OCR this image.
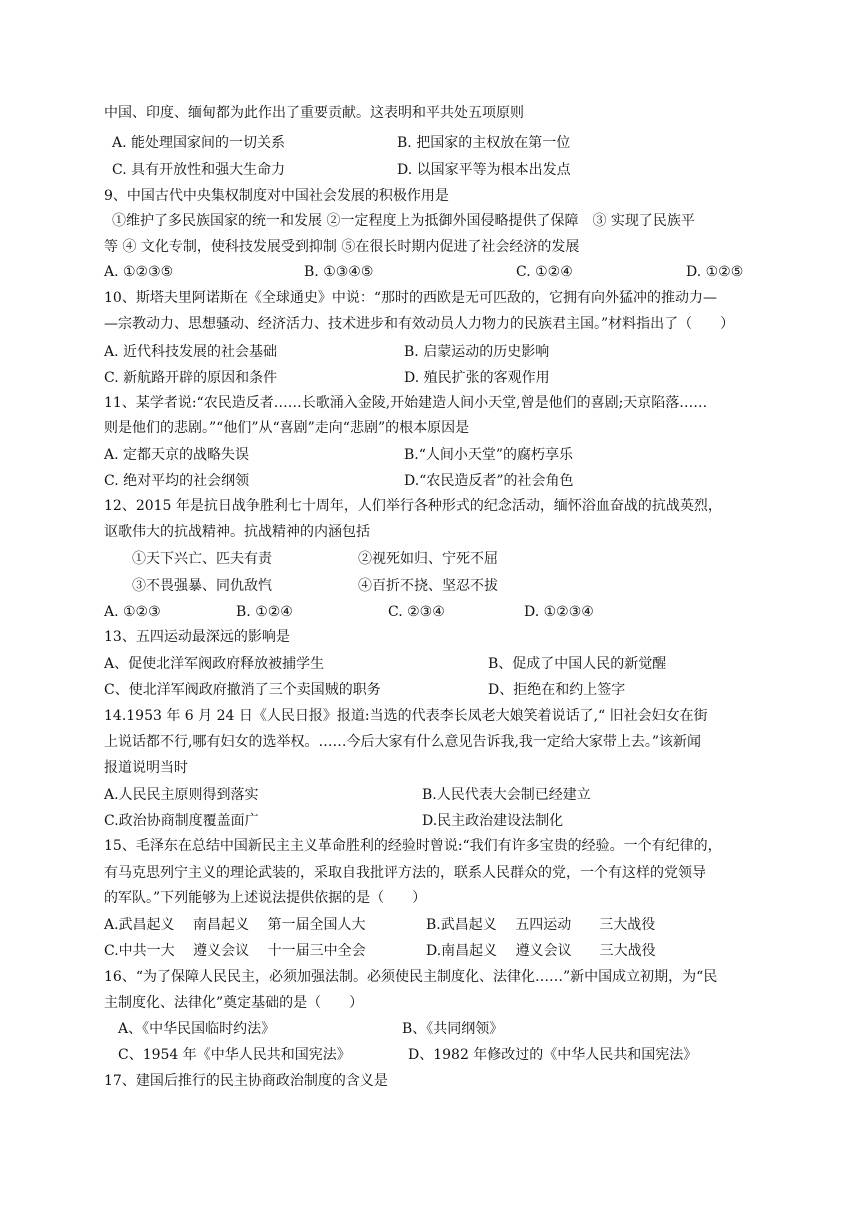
中国、印度、缅甸都为此作出了重要贡献。这表明和平共处五项原则
A. 能处理国家间的一切关系	B. 把国家的主权放在第一位
C. 具有开放性和强大生命力	D. 以国家平等为根本出发点
9、中国古代中央集权制度对中国社会发展的积极作用是
①维护了多民族国家的统一和发展 ②一定程度上为抵御外国侵略提供了保障　③ 实现了民族平
等 ④ 文化专制，使科技发展受到抑制 ⑤在很长时期内促进了社会经济的发展
A. ①②③⑤	B. ①③④⑤	C. ①②④	D. ①②⑤
10、斯塔夫里阿诺斯在《全球通史》中说：“那时的西欧是无可匹敌的，它拥有向外猛冲的推动力—
—宗教动力、思想骚动、经济活力、技术进步和有效动员人力物力的民族君主国。”材料指出了（　　）
A. 近代科技发展的社会基础	B. 启蒙运动的历史影响
C. 新航路开辟的原因和条件	D. 殖民扩张的客观作用
11、某学者说:“农民造反者……长歌涌入金陵,开始建造人间小天堂,曾是他们的喜剧;天京陷落……
则是他们的悲剧。”“他们”从“喜剧”走向“悲剧”的根本原因是
A. 定都天京的战略失误	B.“人间小天堂”的腐朽享乐
C. 绝对平均的社会纲领	D.“农民造反者”的社会角色
12、2015 年是抗日战争胜利七十周年，人们举行各种形式的纪念活动，缅怀浴血奋战的抗战英烈，
讴歌伟大的抗战精神。抗战精神的内涵包括
①天下兴亡、匹夫有责	②视死如归、宁死不屈
③不畏强暴、同仇敌忾	④百折不挠、坚忍不拔
A. ①②③	B. ①②④	C. ②③④	D. ①②③④
13、五四运动最深远的影响是
A、促使北洋军阀政府释放被捕学生	B、促成了中国人民的新觉醒
C、使北洋军阀政府撤消了三个卖国贼的职务	D、拒绝在和约上签字
14.1953 年 6 月 24 日《人民日报》报道:当选的代表李长凤老大娘笑着说话了,“ 旧社会妇女在街
上说话都不行,哪有妇女的选举权。……今后大家有什么意见告诉我,我一定给大家带上去。”该新闻
报道说明当时
A.人民民主原则得到落实	B.人民代表大会制已经建立
C.政治协商制度覆盖面广	D.民主政治建设法制化
15、毛泽东在总结中国新民主主义革命胜利的经验时曾说:“我们有许多宝贵的经验。一个有纪律的，
有马克思列宁主义的理论武装的，采取自我批评方法的，联系人民群众的党，一个有这样的党领导
的军队。”下列能够为上述说法提供依据的是（　　）
A.武昌起义　 南昌起义　 第一届全国人大	B.武昌起义　 五四运动　　三大战役
C.中共一大　 遵义会议　 十一届三中全会	D.南昌起义　 遵义会议　　三大战役
16、“为了保障人民民主，必须加强法制。必须使民主制度化、法律化……”新中国成立初期，为“民
主制度化、法律化”奠定基础的是（　　）
A、《中华民国临时约法》	B、《共同纲领》
C、1954 年《中华人民共和国宪法》	D、1982 年修改过的《中华人民共和国宪法》
17、建国后推行的民主协商政治制度的含义是
